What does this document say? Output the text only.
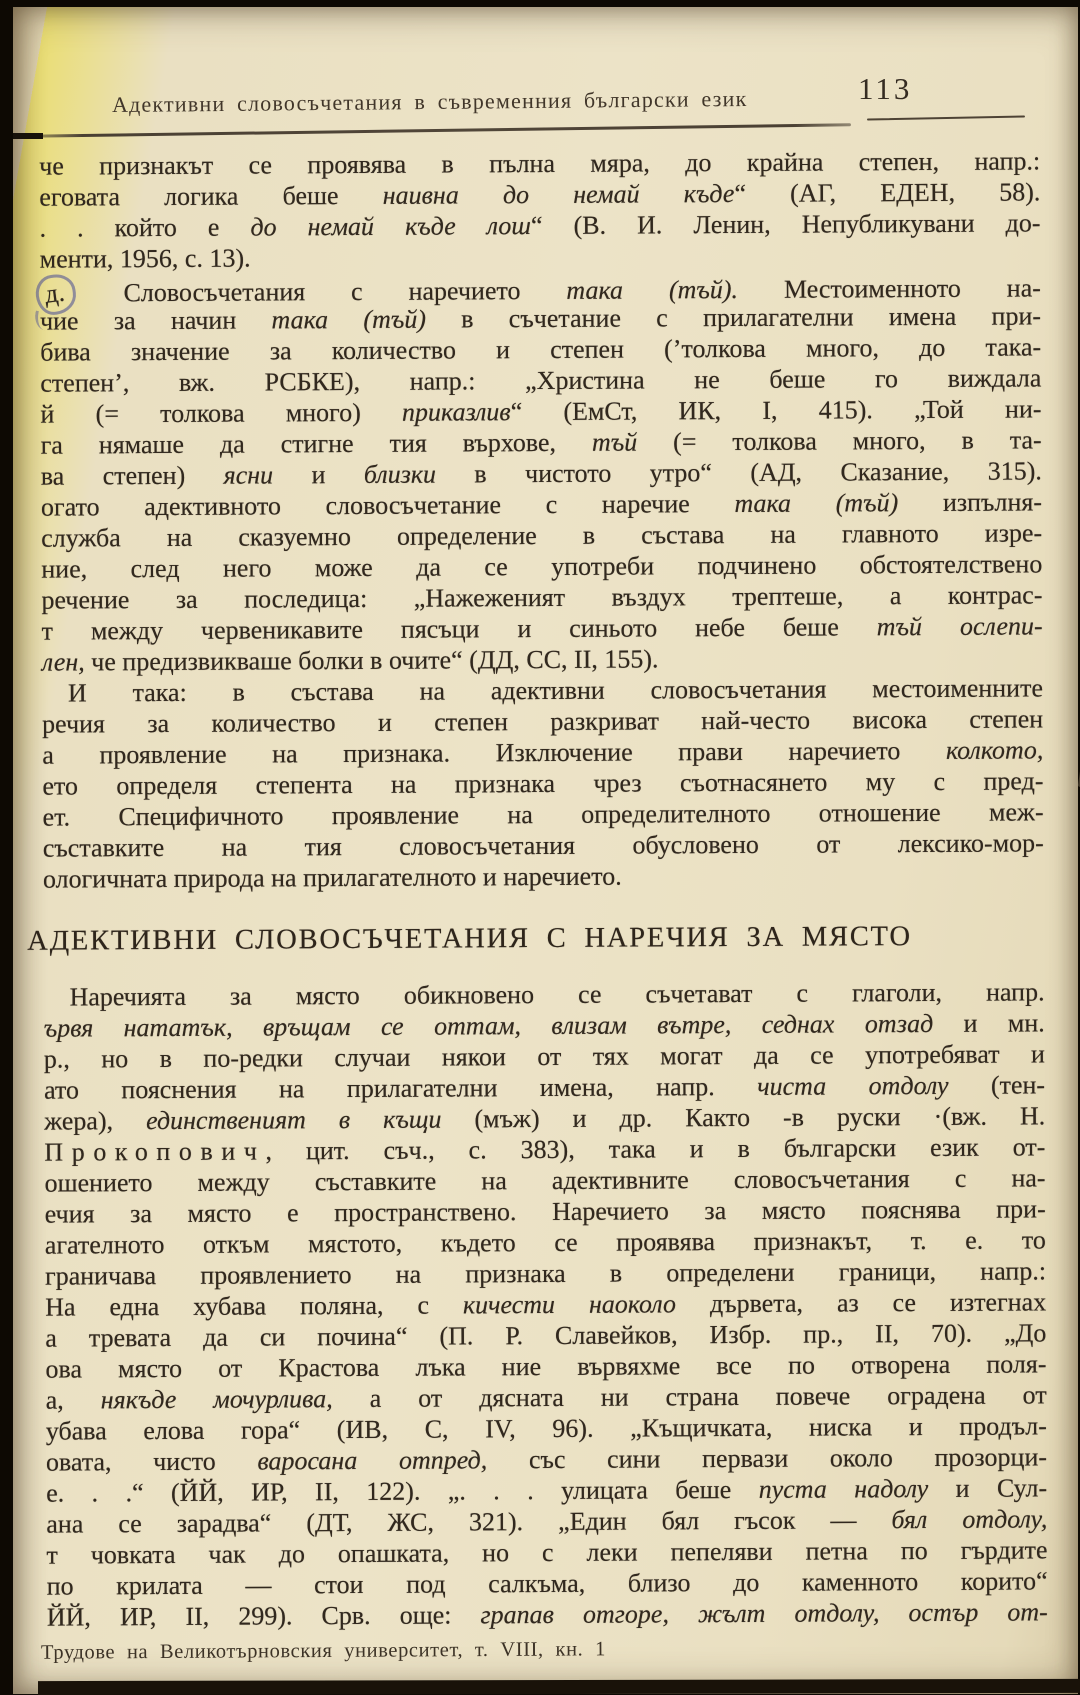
Адективни словосъчетания в съвременния български език	113
че признакът се проявява в пълна мяра, до крайна степен, напр.:
еговата логика беше наивна до немай къде“ (АГ, ЕДЕН, 58).
. . който е до немай къде лош“ (В. И. Ленин, Непубликувани до-
менти, 1956, с. 13).
д. Словосъчетания с наречието така (тъй). Местоименното на-
чие за начин така (тъй) в съчетание с прилагателни имена при-
бива значение за количество и степен (’толкова много, до така-
степен’, вж. РСБКЕ), напр.: „Христина не беше го виждала
й (= толкова много) приказлив“ (ЕмСт, ИК, I, 415). „Той ни-
га нямаше да стигне тия върхове, тъй (= толкова много, в та-
ва степен) ясни и близки в чистото утро“ (АД, Сказание, 315).
огато адективното словосъчетание с наречие така (тъй) изпълня-
служба на сказуемно определение в състава на главното изре-
ние, след него може да се употреби подчинено обстоятелствено
речение за последица: „Нажеженият въздух трептеше, а контрас-
т между червеникавите пясъци и синьото небе беше тъй ослепи-
лен, че предизвикваше болки в очите“ (ДД, СС, II, 155).
И така: в състава на адективни словосъчетания местоименните
речия за количество и степен разкриват най-често висока степен
а проявление на признака. Изключение прави наречието колкото,
ето определя степента на признака чрез съотнасянето му с пред-
ет. Специфичното проявление на определителното отношение меж-
съставките на тия словосъчетания обусловено от лексико-мор-
ологичната природа на прилагателното и наречието.
АДЕКТИВНИ СЛОВОСЪЧЕТАНИЯ С НАРЕЧИЯ ЗА МЯСТО
Наречията за място обикновено се съчетават с глаголи, напр.
ървя нататък, връщам се оттам, влизам вътре, седнах отзад и мн.
р., но в по-редки случаи някои от тях могат да се употребяват и
ато пояснения на прилагателни имена, напр. чиста отдолу (тен-
жера), единственият в къщи (мъж) и др. Както -в руски ·(вж. Н.
Прокопович, цит. съч., с. 383), така и в български език от-
ошението между съставките на адективните словосъчетания с на-
ечия за място е пространствено. Наречието за място пояснява при-
агателното откъм мястото, където се проявява признакът, т. е. то
граничава проявлението на признака в определени граници, напр.:
На една хубава поляна, с кичести наоколо дървета, аз се изтегнах
а тревата да си почина“ (П. Р. Славейков, Избр. пр., II, 70). „До
ова място от Крастова лъка ние вървяхме все по отворена поля-
а, някъде мочурлива, а от дясната ни страна повече оградена от
убава елова гора“ (ИВ, С, IV, 96). „Къщичката, ниска и продъл-
овата, чисто варосана отпред, със сини первази около прозорци-
е. . .“ (ЙЙ, ИР, II, 122). „. . . улицата беше пуста надолу и Сул-
ана се зарадва“ (ДТ, ЖС, 321). „Един бял гъсок — бял отдолу,
т човката чак до опашката, но с леки пепеляви петна по гърдите
по крилата — стои под салкъма, близо до каменното корито“
ЙЙ, ИР, II, 299). Срв. още: грапав отгоре, жълт отдолу, остър от-
Трудове на Великотърновския университет, т. VIII, кн. 1
